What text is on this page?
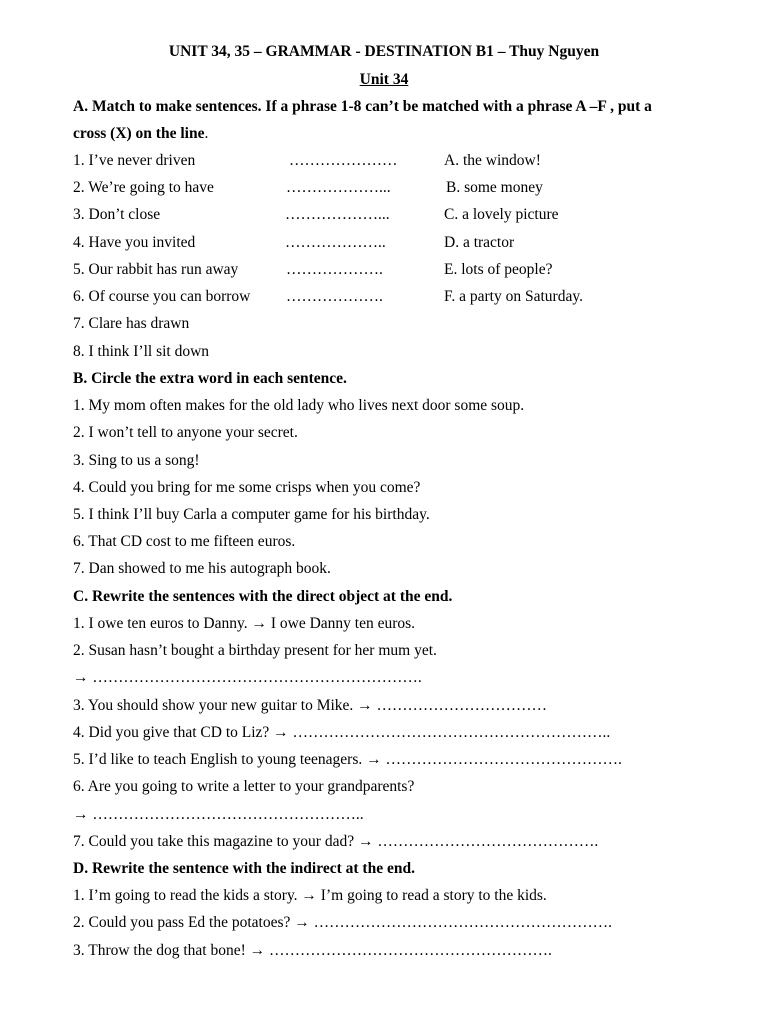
UNIT 34, 35 – GRAMMAR - DESTINATION B1 – Thuy Nguyen
Unit 34
A. Match to make sentences. If a phrase 1-8 can’t be matched with a phrase A –F , put a
cross (X) on the line.
1. I’ve never driven	…………………	A. the window!
2. We’re going to have	………………...	B. some money
3. Don’t close	………………...	C. a lovely picture
4. Have you invited	………………..	D. a tractor
5. Our rabbit has run away	……………….	E. lots of people?
6. Of course you can borrow ……………….	F. a party on Saturday.
7. Clare has drawn
8. I think I’ll sit down
B. Circle the extra word in each sentence.
1. My mom often makes for the old lady who lives next door some soup.
2. I won’t tell to anyone your secret.
3. Sing to us a song!
4. Could you bring for me some crisps when you come?
5. I think I’ll buy Carla a computer game for his birthday.
6. That CD cost to me fifteen euros.
7. Dan showed to me his autograph book.
C. Rewrite the sentences with the direct object at the end.
1. I owe ten euros to Danny. → I owe Danny ten euros.
2. Susan hasn’t bought a birthday present for her mum yet.
→ ……………………………………………………….
3. You should show your new guitar to Mike. → ……………………………
4. Did you give that CD to Liz? → ……………………………………………………..
5. I’d like to teach English to young teenagers. → ……………………………………….
6. Are you going to write a letter to your grandparents?
→ ……………………………………………..
7. Could you take this magazine to your dad? → …………………………………….
D. Rewrite the sentence with the indirect at the end.
1. I’m going to read the kids a story. → I’m going to read a story to the kids.
2. Could you pass Ed the potatoes? → ………………………………………………….
3. Throw the dog that bone! → ……………………………………………….
